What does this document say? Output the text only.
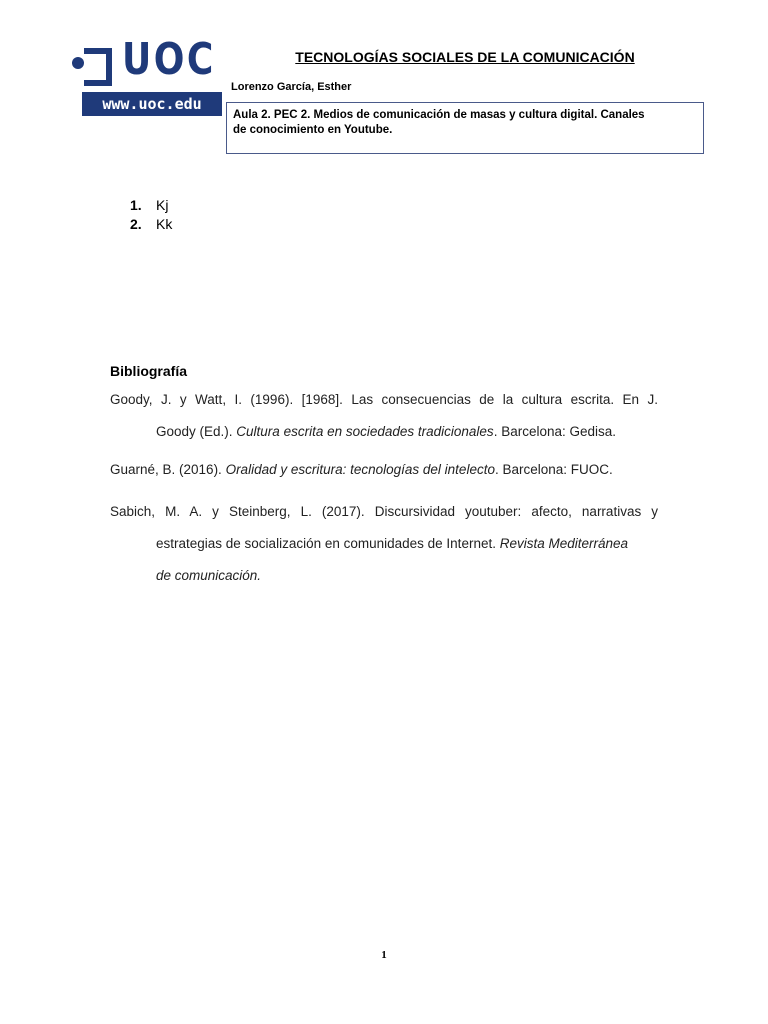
UOC
www.uoc.edu
TECNOLOGÍAS SOCIALES DE LA COMUNICACIÓN
Lorenzo García, Esther
Aula 2. PEC 2. Medios de comunicación de masas y cultura digital. Canales
de conocimiento en Youtube.
1. Kj
2. Kk
Bibliografía
Goody, J. y Watt, I. (1996). [1968]. Las consecuencias de la cultura escrita. En J.
Goody (Ed.). Cultura escrita en sociedades tradicionales. Barcelona: Gedisa.
Guarné, B. (2016). Oralidad y escritura: tecnologías del intelecto. Barcelona: FUOC.
Sabich, M. A. y Steinberg, L. (2017). Discursividad youtuber: afecto, narrativas y
estrategias de socialización en comunidades de Internet. Revista Mediterránea
de comunicación.
1
